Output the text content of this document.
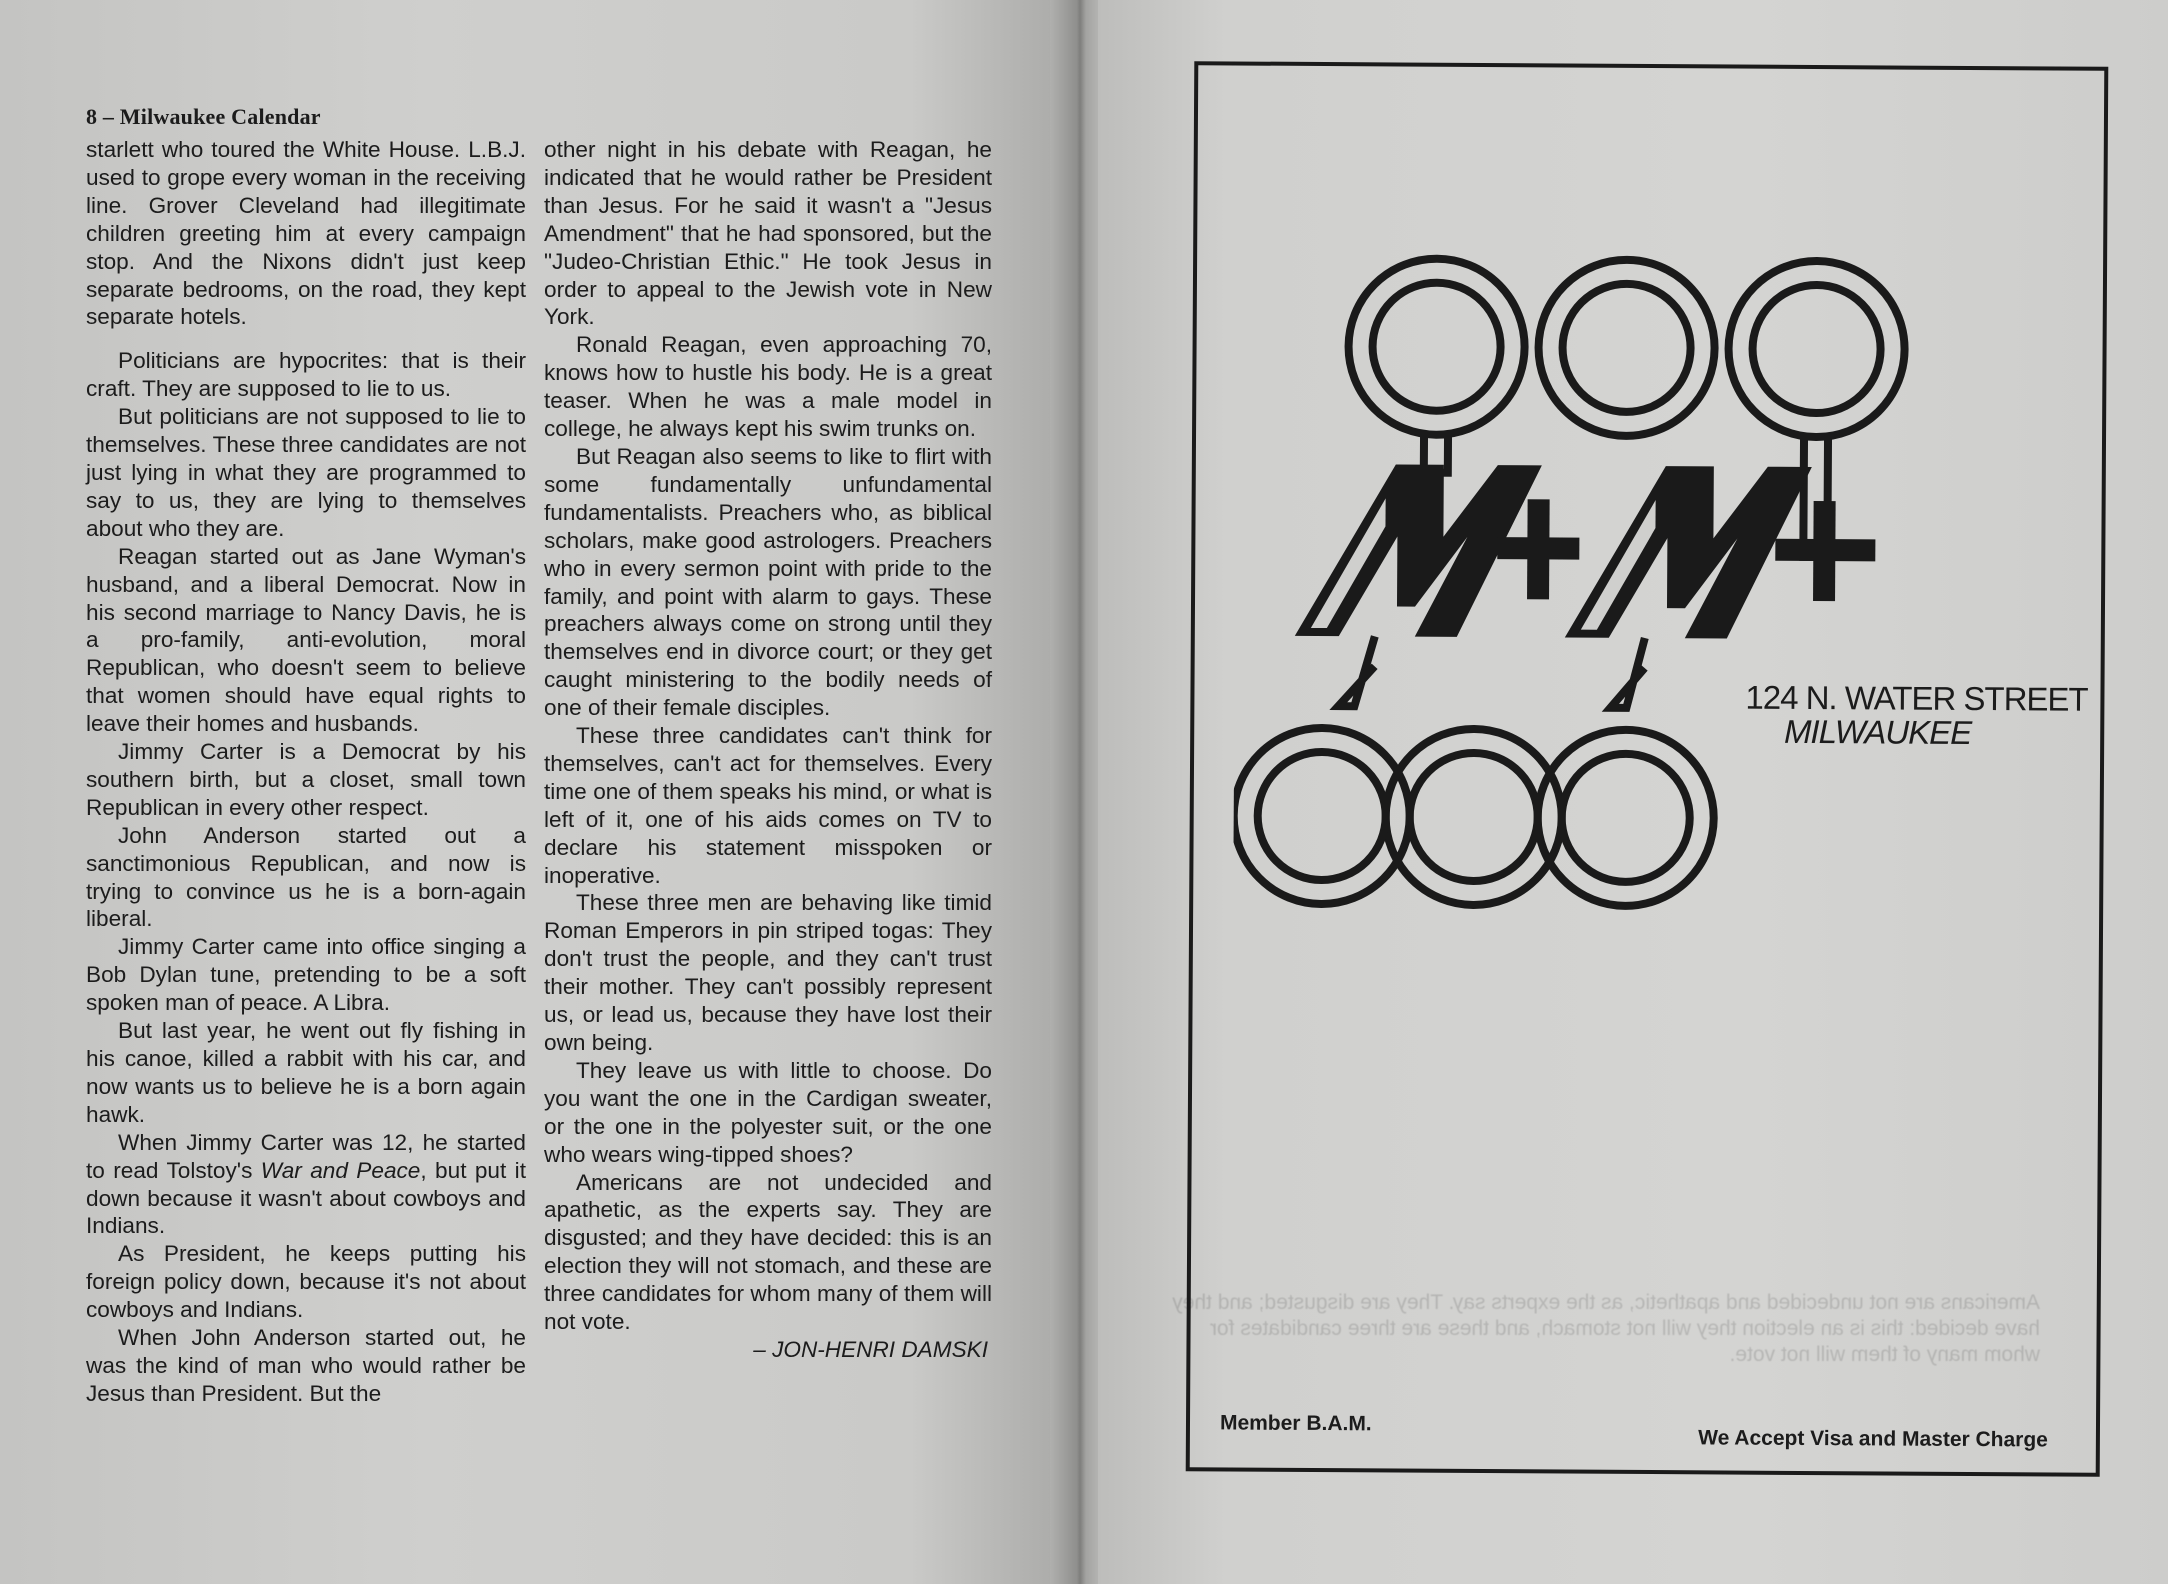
8 – Milwaukee Calendar

starlett who toured the White House. L.B.J. used to grope every woman in the receiving line. Grover Cleveland had illegitimate children greeting him at every campaign stop. And the Nixons didn't just keep separate bedrooms, on the road, they kept separate hotels.

Politicians are hypocrites: that is their craft. They are supposed to lie to us.

But politicians are not supposed to lie to themselves. These three candidates are not just lying in what they are programmed to say to us, they are lying to themselves about who they are.

Reagan started out as Jane Wyman's husband, and a liberal Democrat. Now in his second marriage to Nancy Davis, he is a pro-family, anti-evolution, moral Republican, who doesn't seem to believe that women should have equal rights to leave their homes and husbands.

Jimmy Carter is a Democrat by his southern birth, but a closet, small town Republican in every other respect.

John Anderson started out a sanctimonious Republican, and now is trying to convince us he is a born-again liberal.

Jimmy Carter came into office singing a Bob Dylan tune, pretending to be a soft spoken man of peace. A Libra.

But last year, he went out fly fishing in his canoe, killed a rabbit with his car, and now wants us to believe he is a born again hawk.

When Jimmy Carter was 12, he started to read Tolstoy's War and Peace, but put it down because it wasn't about cowboys and Indians.

As President, he keeps putting his foreign policy down, because it's not about cowboys and Indians.

When John Anderson started out, he was the kind of man who would rather be Jesus than President. But the

other night in his debate with Reagan, he indicated that he would rather be President than Jesus. For he said it wasn't a "Jesus Amendment" that he had sponsored, but the "Judeo-Christian Ethic." He took Jesus in order to appeal to the Jewish vote in New York.

Ronald Reagan, even approaching 70, knows how to hustle his body. He is a great teaser. When he was a male model in college, he always kept his swim trunks on.

But Reagan also seems to like to flirt with some fundamentally unfundamental fundamentalists. Preachers who, as biblical scholars, make good astrologers. Preachers who in every sermon point with pride to the family, and point with alarm to gays. These preachers always come on strong until they themselves end in divorce court; or they get caught ministering to the bodily needs of one of their female disciples.

These three candidates can't think for themselves, can't act for themselves. Every time one of them speaks his mind, or what is left of it, one of his aids comes on TV to declare his statement misspoken or inoperative.

These three men are behaving like timid Roman Emperors in pin striped togas: They don't trust the people, and they can't trust their mother. They can't possibly represent us, or lead us, because they have lost their own being.

They leave us with little to choose. Do you want the one in the Cardigan sweater, or the one in the polyester suit, or the one who wears wing-tipped shoes?

Americans are not undecided and apathetic, as the experts say. They are disgusted; and they have decided: this is an election they will not stomach, and these are three candidates for whom many of them will not vote.

– JON-HENRI DAMSKI
124 N. WATER STREET
MILWAUKEE
Member B.A.M.
We Accept Visa and Master Charge
